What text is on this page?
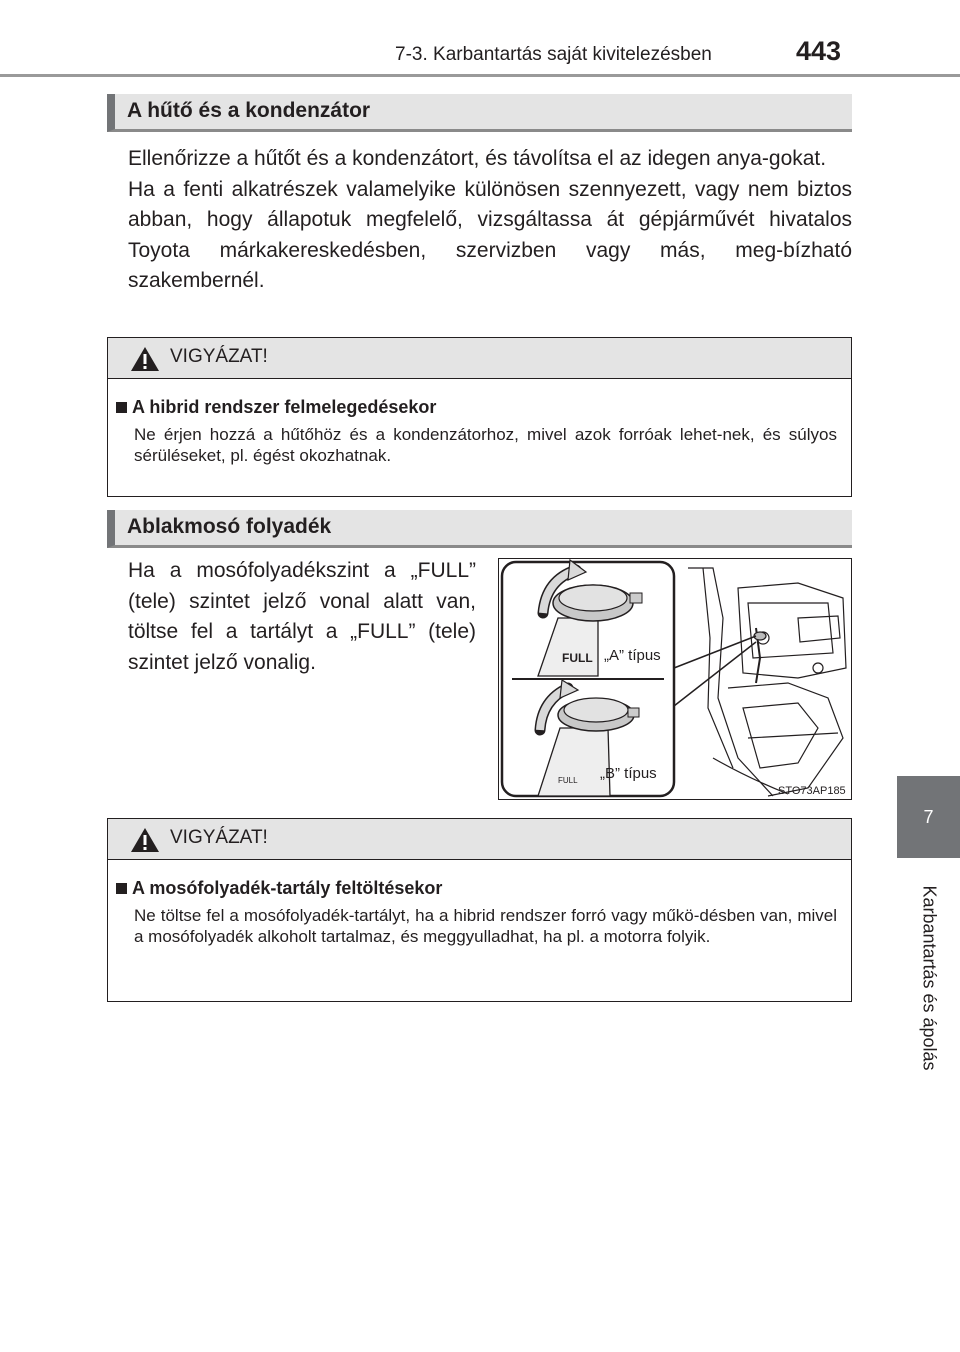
7-3. Karbantartás saját kivitelezésben	443
7
Karbantartás és ápolás
A hűtő és a kondenzátor

Ellenőrizze a hűtőt és a kondenzátort, és távolítsa el az idegen anya-gokat.

Ha a fenti alkatrészek valamelyike különösen szennyezett, vagy nem biztos abban, hogy állapotuk megfelelő, vizsgáltassa át gépjárművét hivatalos Toyota márkakereskedésben, szervizben vagy más, meg-bízható szakembernél.

VIGYÁZAT!
A hibrid rendszer felmelegedésekor
Ne érjen hozzá a hűtőhöz és a kondenzátorhoz, mivel azok forróak lehet-nek, és súlyos sérüléseket, pl. égést okozhatnak.
Ablakmosó folyadék
Ha a mosófolyadékszint a „FULL” (tele) szintet jelző vonal alatt van, töltse fel a tartályt a „FULL” (tele) szintet jelző vonalig.	FULL
FULL
„A” típus
„B” típus
STO73AP185
VIGYÁZAT!
A mosófolyadék-tartály feltöltésekor
Ne töltse fel a mosófolyadék-tartályt, ha a hibrid rendszer forró vagy műkö-désben van, mivel a mosófolyadék alkoholt tartalmaz, és meggyulladhat, ha pl. a motorra folyik.
